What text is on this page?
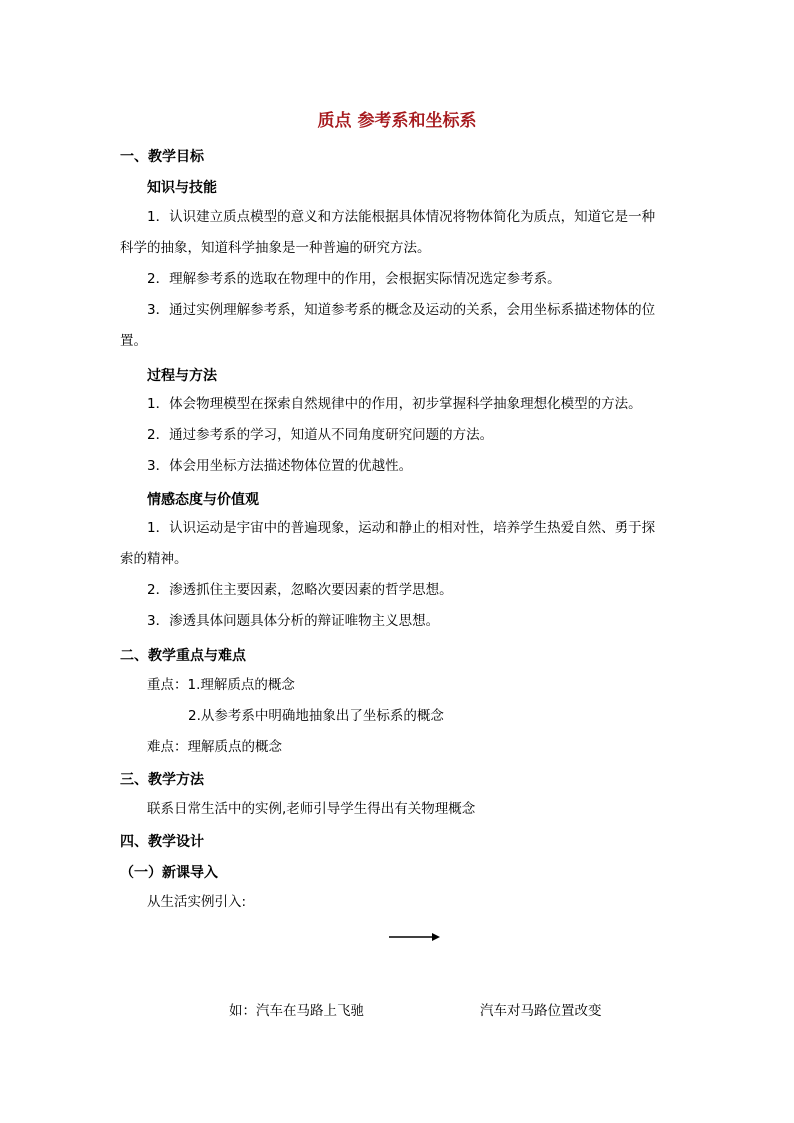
质点 参考系和坐标系
一、教学目标
知识与技能
1．认识建立质点模型的意义和方法能根据具体情况将物体简化为质点，知道它是一种
科学的抽象，知道科学抽象是一种普遍的研究方法。
2．理解参考系的选取在物理中的作用，会根据实际情况选定参考系。
3．通过实例理解参考系，知道参考系的概念及运动的关系，会用坐标系描述物体的位
置。
过程与方法
1．体会物理模型在探索自然规律中的作用，初步掌握科学抽象理想化模型的方法。
2．通过参考系的学习，知道从不同角度研究问题的方法。
3．体会用坐标方法描述物体位置的优越性。
情感态度与价值观
1．认识运动是宇宙中的普遍现象，运动和静止的相对性，培养学生热爱自然、勇于探
索的精神。
2．渗透抓住主要因素，忽略次要因素的哲学思想。
3．渗透具体问题具体分析的辩证唯物主义思想。
二、教学重点与难点
重点：1.理解质点的概念
2.从参考系中明确地抽象出了坐标系的概念
难点：理解质点的概念
三、教学方法
联系日常生活中的实例,老师引导学生得出有关物理概念
四、教学设计
（一）新课导入
从生活实例引入:
如：汽车在马路上飞驰	汽车对马路位置改变
